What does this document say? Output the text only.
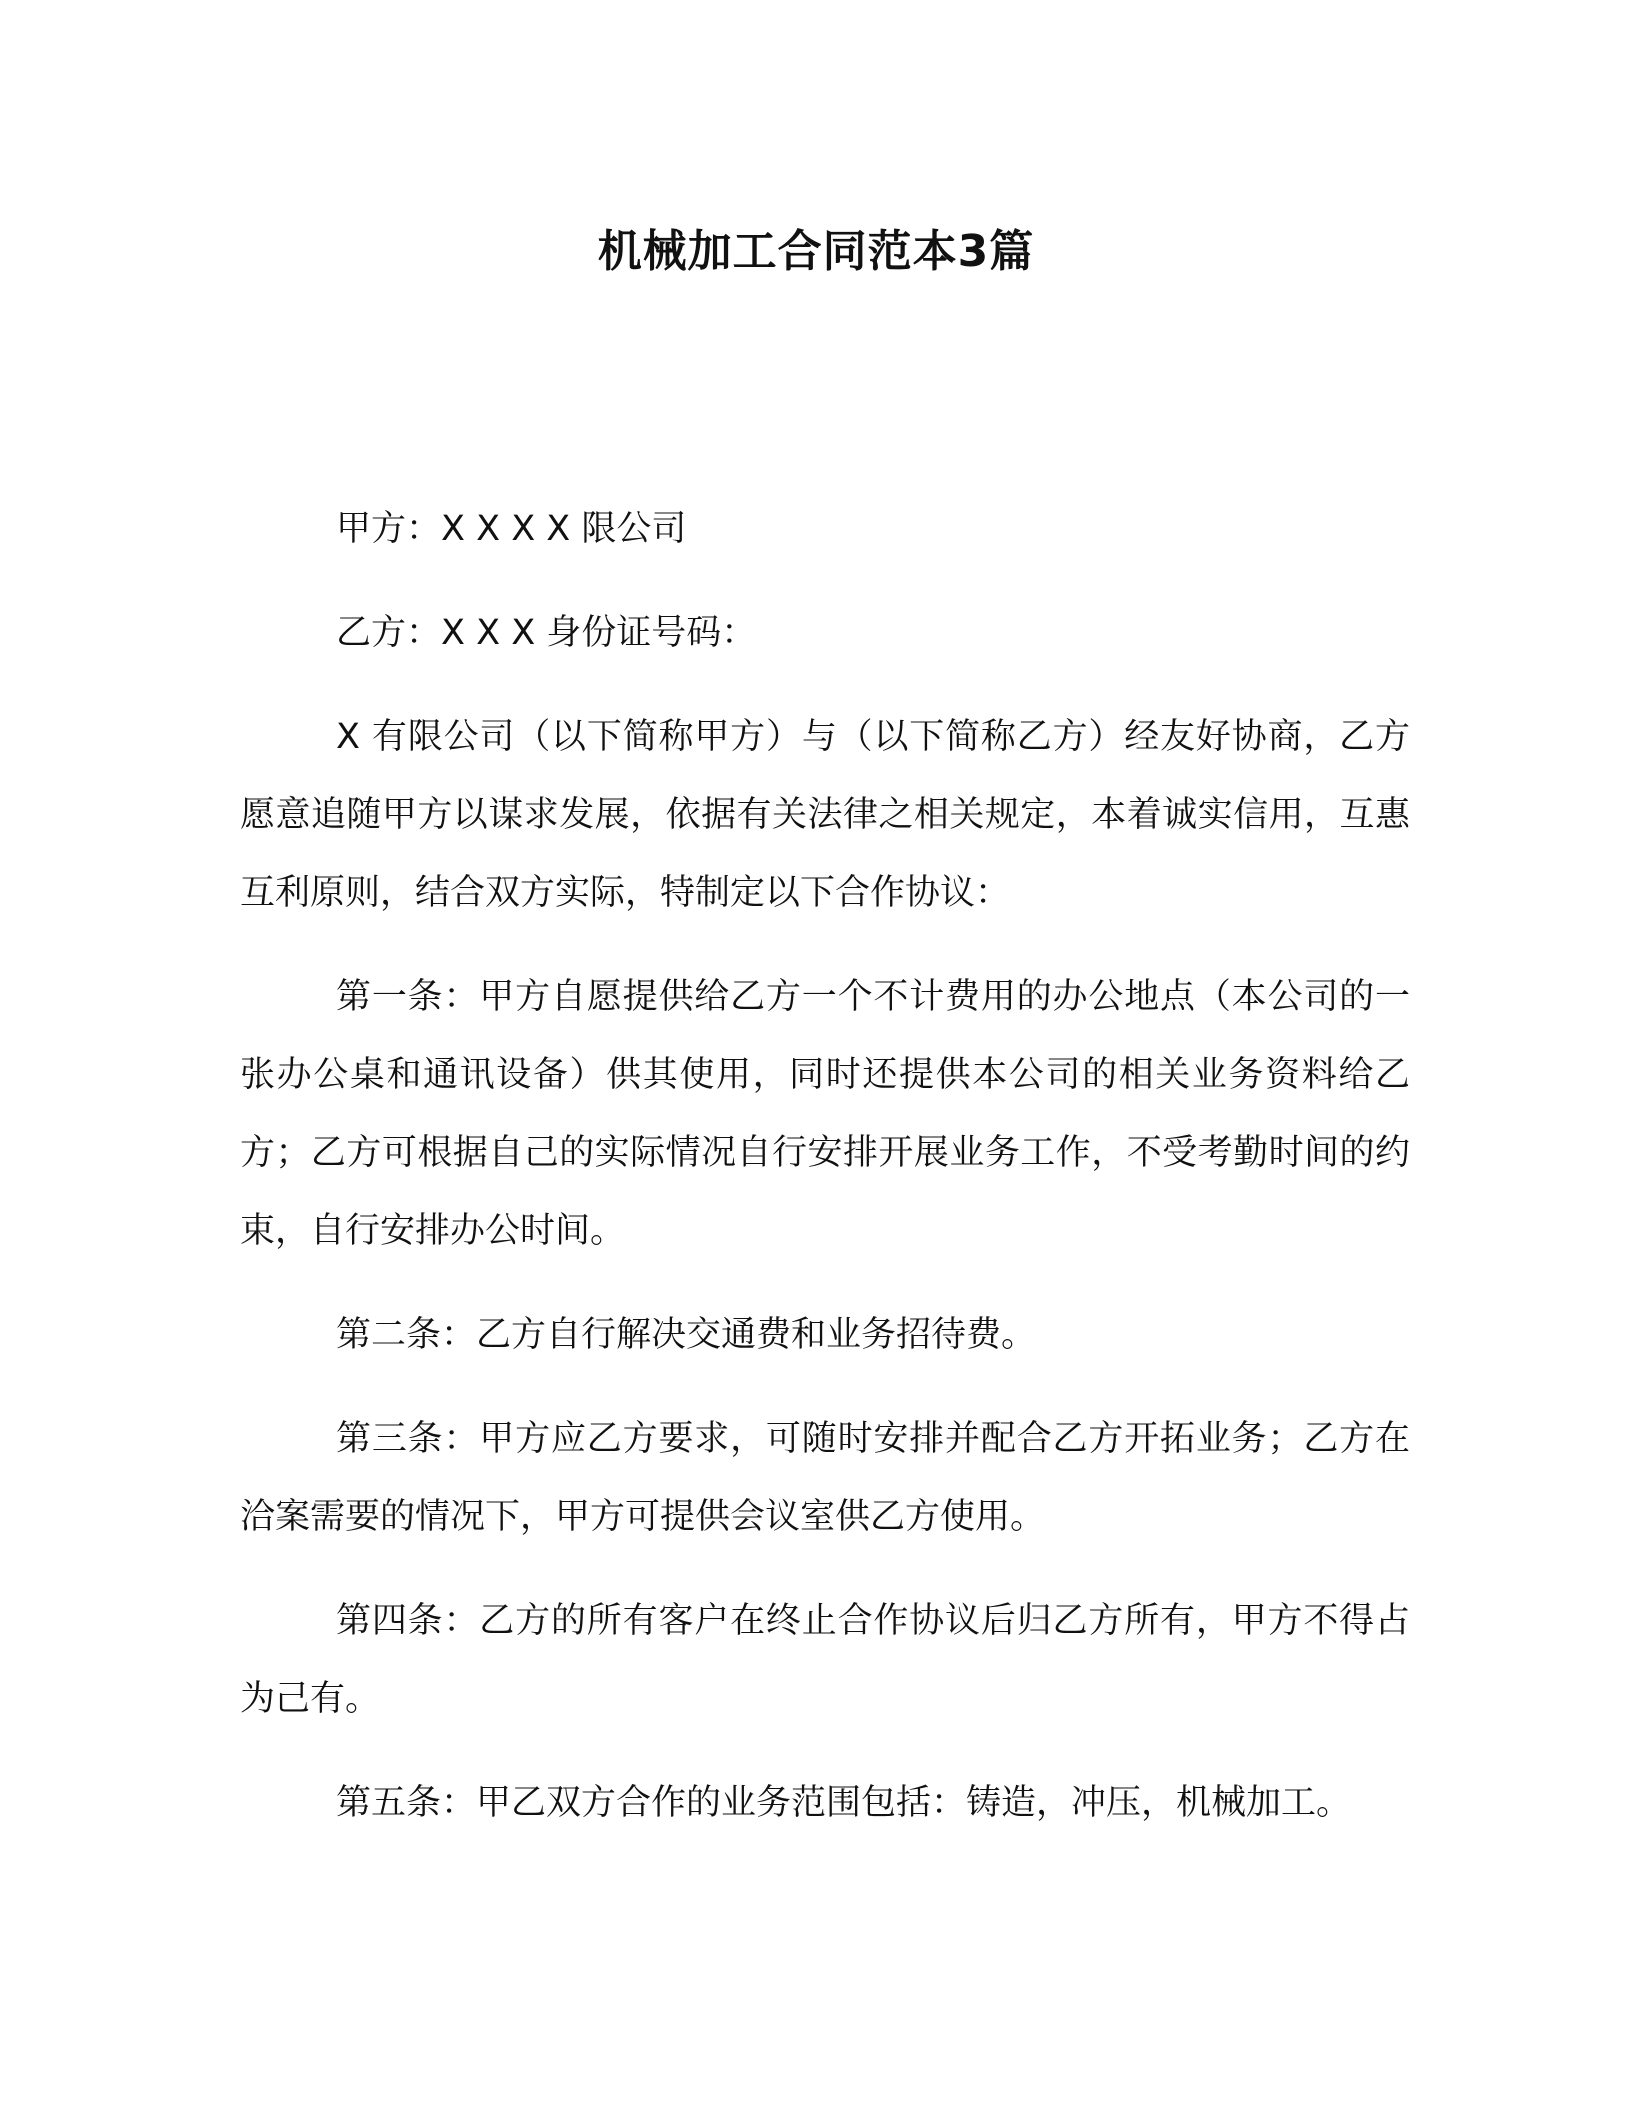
机械加工合同范本3篇

甲方：X X X X 限公司

乙方：X X X 身份证号码：

X 有限公司（以下简称甲方）与（以下简称乙方）经友好协商，乙方愿意追随甲方以谋求发展，依据有关法律之相关规定，本着诚实信用，互惠互利原则，结合双方实际，特制定以下合作协议：

第一条：甲方自愿提供给乙方一个不计费用的办公地点（本公司的一张办公桌和通讯设备）供其使用，同时还提供本公司的相关业务资料给乙方；乙方可根据自己的实际情况自行安排开展业务工作，不受考勤时间的约束，自行安排办公时间。

第二条：乙方自行解决交通费和业务招待费。

第三条：甲方应乙方要求，可随时安排并配合乙方开拓业务；乙方在洽案需要的情况下，甲方可提供会议室供乙方使用。

第四条：乙方的所有客户在终止合作协议后归乙方所有，甲方不得占为己有。

第五条：甲乙双方合作的业务范围包括：铸造，冲压，机械加工。
